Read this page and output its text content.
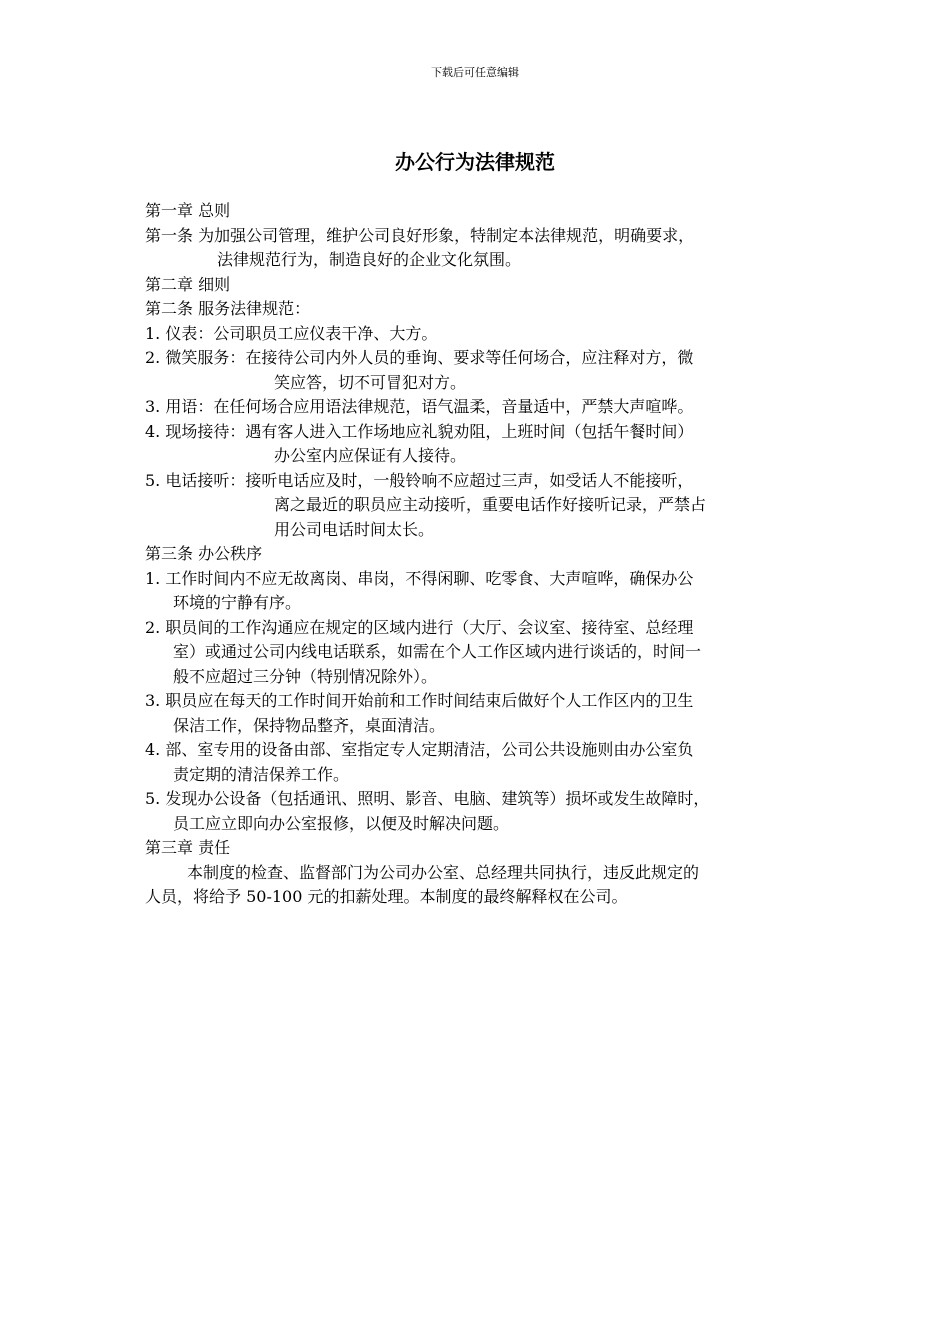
下载后可任意编辑
办公行为法律规范
第一章 总则
第一条 为加强公司管理，维护公司良好形象，特制定本法律规范，明确要求，
法律规范行为，制造良好的企业文化氛围。
第二章 细则
第二条 服务法律规范：
1. 仪表：公司职员工应仪表干净、大方。
2. 微笑服务：在接待公司内外人员的垂询、要求等任何场合，应注释对方，微
笑应答，切不可冒犯对方。
3. 用语：在任何场合应用语法律规范，语气温柔，音量适中，严禁大声喧哗。
4. 现场接待：遇有客人进入工作场地应礼貌劝阻，上班时间（包括午餐时间）
办公室内应保证有人接待。
5. 电话接听：接听电话应及时，一般铃响不应超过三声，如受话人不能接听，
离之最近的职员应主动接听，重要电话作好接听记录，严禁占
用公司电话时间太长。
第三条 办公秩序
1. 工作时间内不应无故离岗、串岗，不得闲聊、吃零食、大声喧哗，确保办公
环境的宁静有序。
2. 职员间的工作沟通应在规定的区域内进行（大厅、会议室、接待室、总经理
室）或通过公司内线电话联系，如需在个人工作区域内进行谈话的，时间一
般不应超过三分钟（特别情况除外）。
3. 职员应在每天的工作时间开始前和工作时间结束后做好个人工作区内的卫生
保洁工作，保持物品整齐，桌面清洁。
4. 部、室专用的设备由部、室指定专人定期清洁，公司公共设施则由办公室负
责定期的清洁保养工作。
5. 发现办公设备（包括通讯、照明、影音、电脑、建筑等）损坏或发生故障时，
员工应立即向办公室报修，以便及时解决问题。
第三章 责任
本制度的检查、监督部门为公司办公室、总经理共同执行，违反此规定的
人员，将给予 50-100 元的扣薪处理。本制度的最终解释权在公司。
